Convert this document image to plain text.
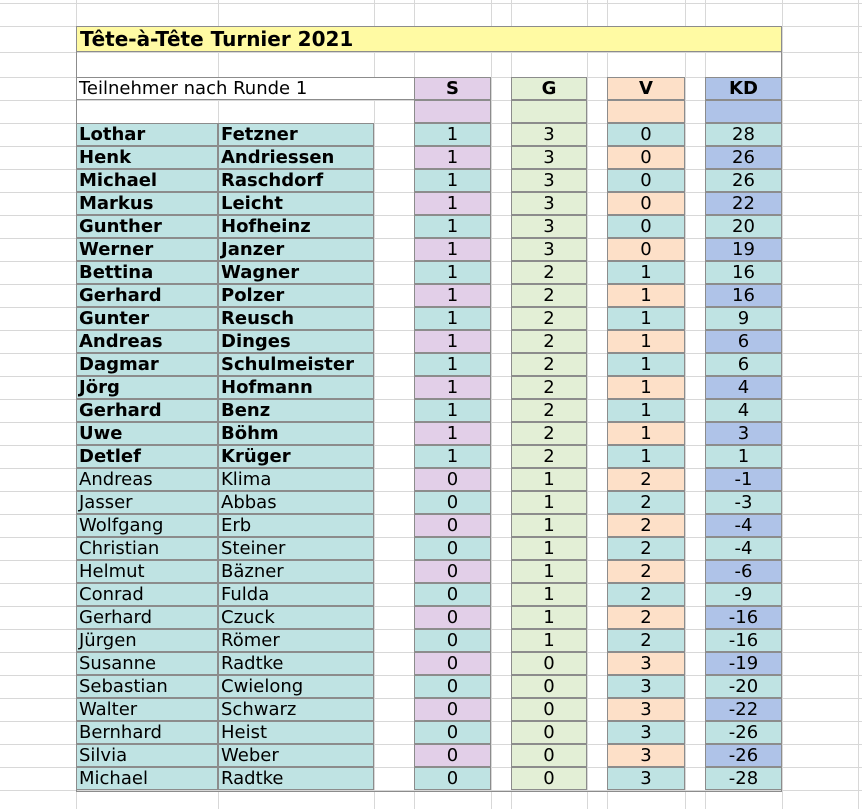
Tête-à-Tête Turnier 2021
Teilnehmer nach Runde 1	S	G	V	KD
Lothar	Fetzner	1	3	0	28
Henk	Andriessen	1	3	0	26
Michael	Raschdorf	1	3	0	26
Markus	Leicht	1	3	0	22
Gunther	Hofheinz	1	3	0	20
Werner	Janzer	1	3	0	19
Bettina	Wagner	1	2	1	16
Gerhard	Polzer	1	2	1	16
Gunter	Reusch	1	2	1	9
Andreas	Dinges	1	2	1	6
Dagmar	Schulmeister	1	2	1	6
Jörg	Hofmann	1	2	1	4
Gerhard	Benz	1	2	1	4
Uwe	Böhm	1	2	1	3
Detlef	Krüger	1	2	1	1
Andreas	Klima	0	1	2	-1
Jasser	Abbas	0	1	2	-3
Wolfgang	Erb	0	1	2	-4
Christian	Steiner	0	1	2	-4
Helmut	Bäzner	0	1	2	-6
Conrad	Fulda	0	1	2	-9
Gerhard	Czuck	0	1	2	-16
Jürgen	Römer	0	1	2	-16
Susanne	Radtke	0	0	3	-19
Sebastian	Cwielong	0	0	3	-20
Walter	Schwarz	0	0	3	-22
Bernhard	Heist	0	0	3	-26
Silvia	Weber	0	0	3	-26
Michael	Radtke	0	0	3	-28
